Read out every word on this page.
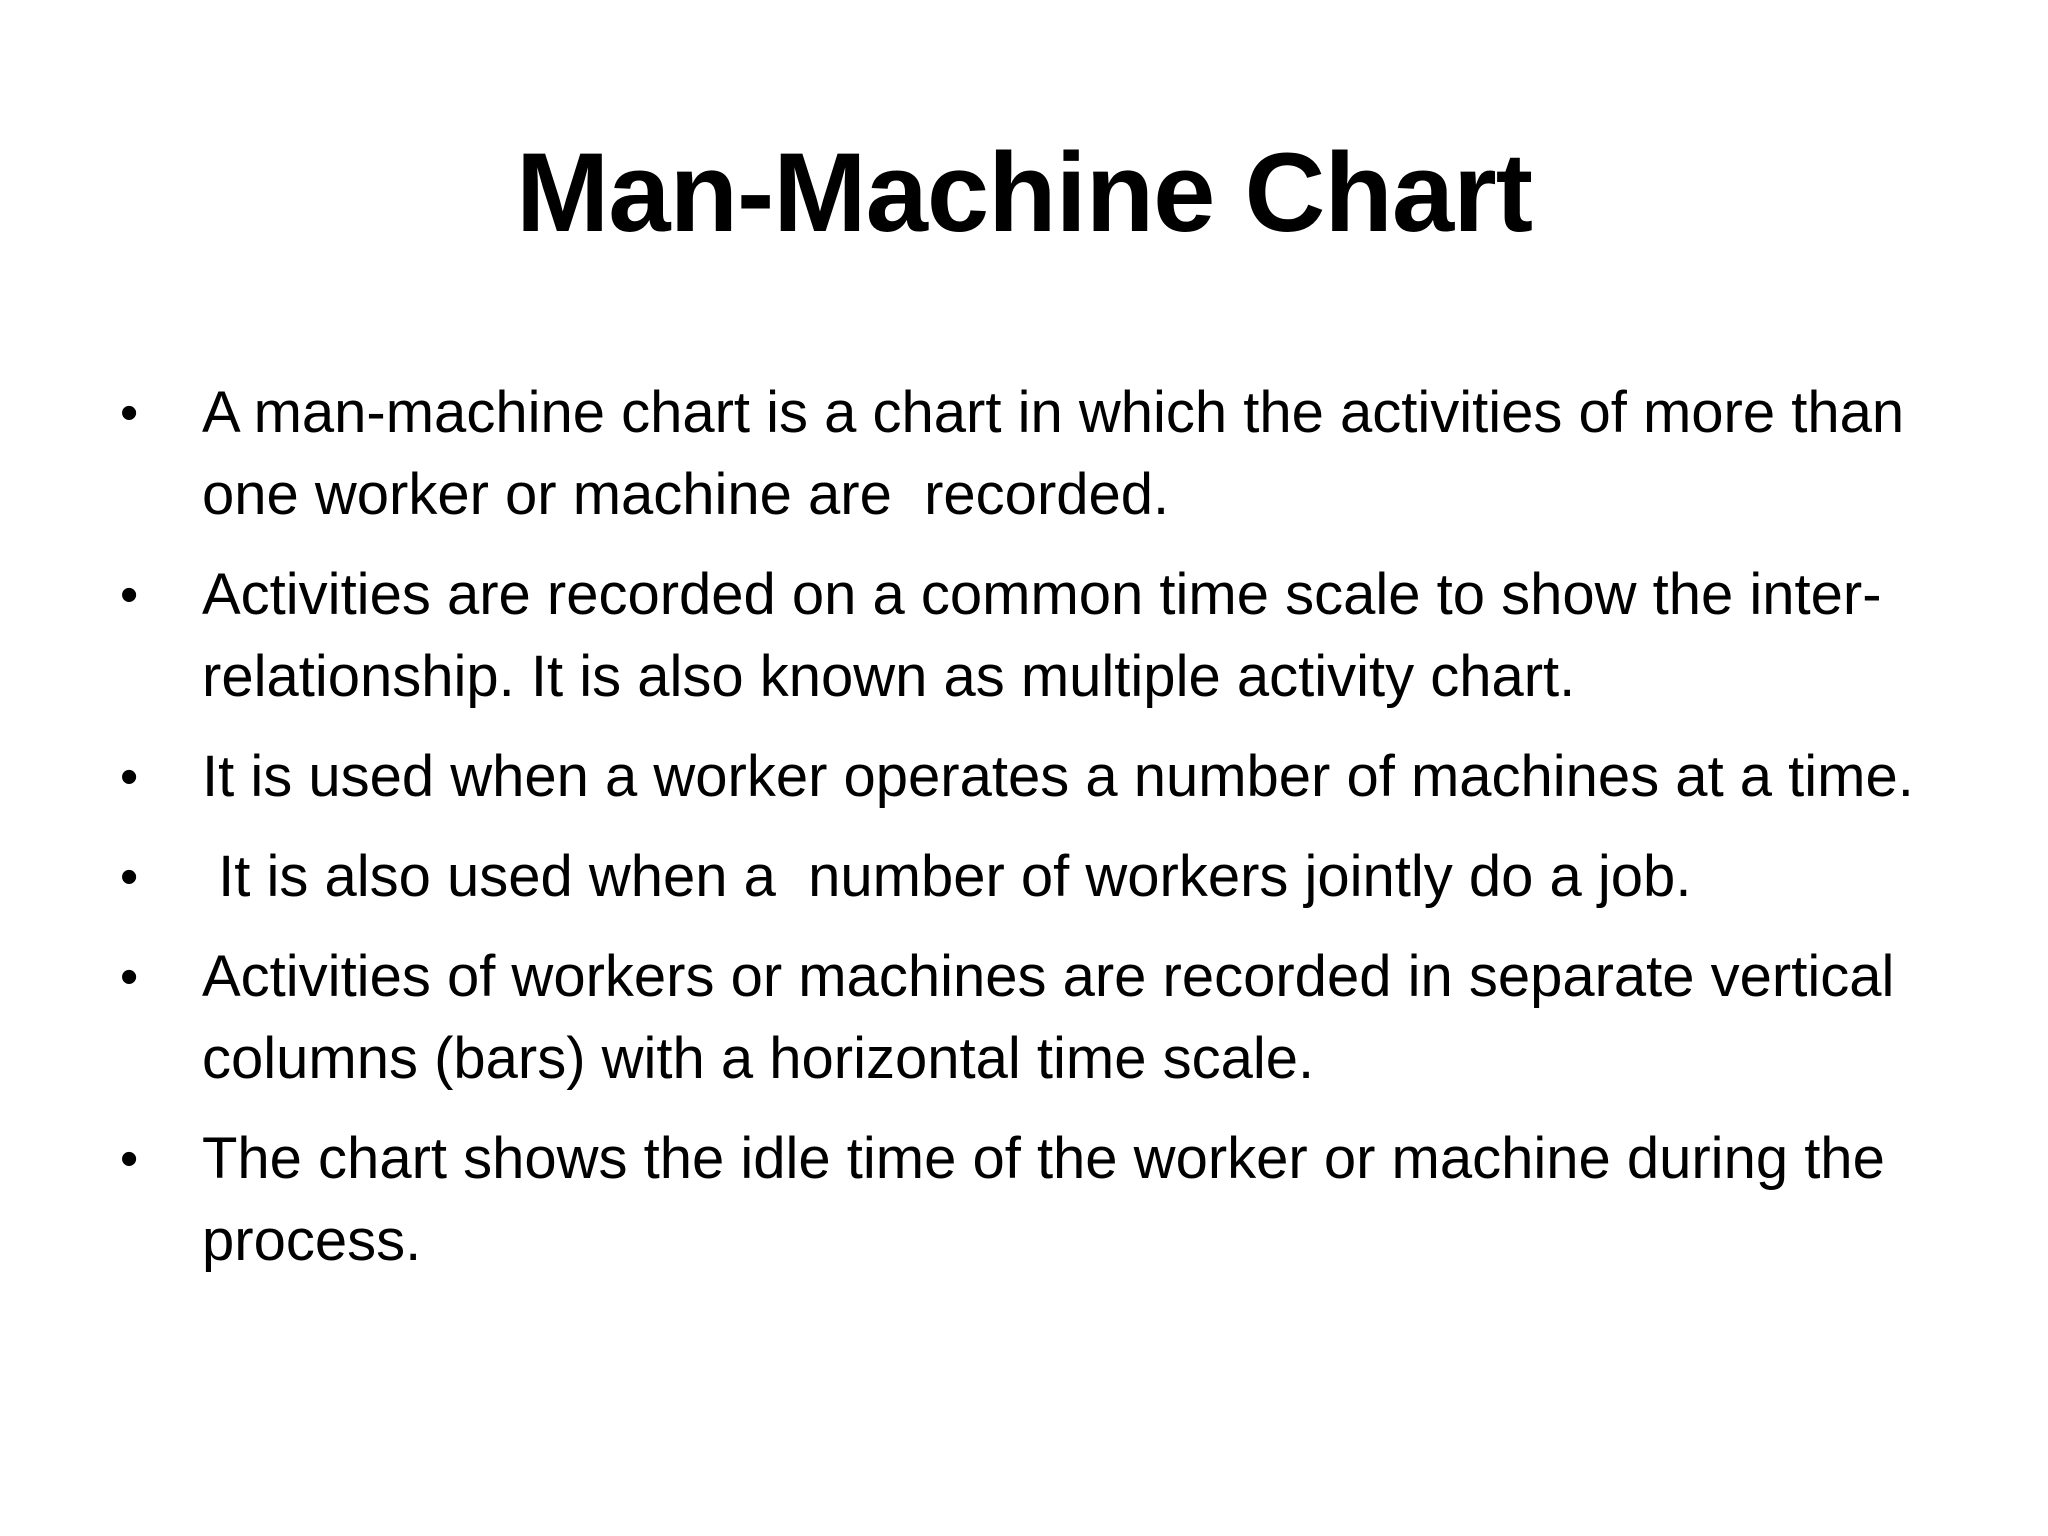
Man-Machine Chart
•	A man-machine chart is a chart in which the activities of more than one worker or machine are  recorded.
•	Activities are recorded on a common time scale to show the inter-relationship. It is also known as multiple activity chart.
•	It is used when a worker operates a number of machines at a time.
•	It is also used when a  number of workers jointly do a job.
•	Activities of workers or machines are recorded in separate vertical columns (bars) with a horizontal time scale.
•	The chart shows the idle time of the worker or machine during the process.
